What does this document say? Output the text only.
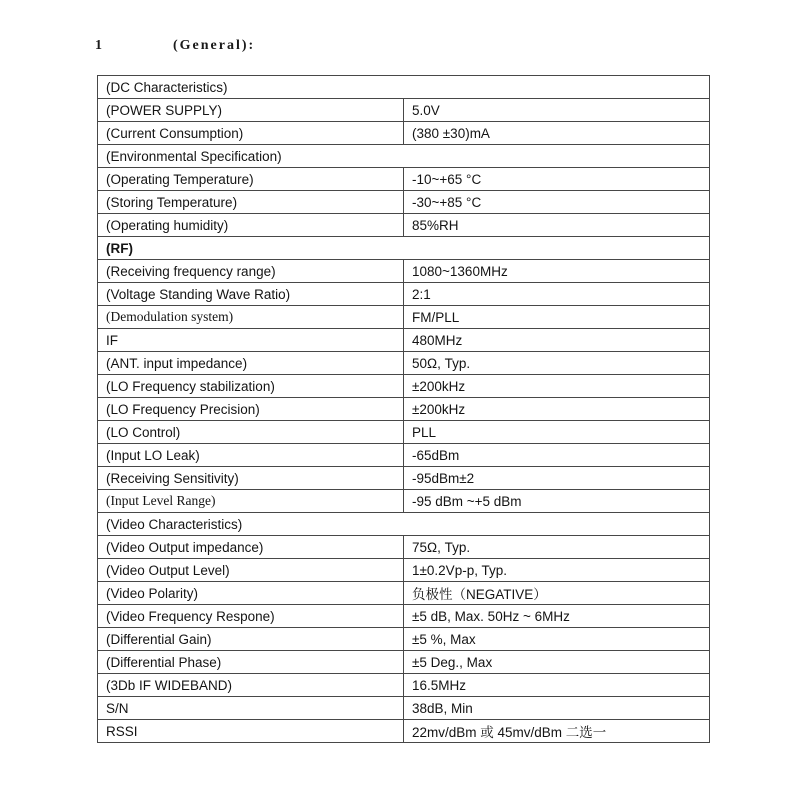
1	(General):
(DC Characteristics)	
(POWER SUPPLY)	5.0V
(Current Consumption)	(380 ±30)mA
(Environmental Specification)	
(Operating Temperature)	-10~+65 °C
(Storing Temperature)	-30~+85 °C
(Operating humidity)	85%RH
(RF)	
(Receiving frequency range)	1080~1360MHz
(Voltage Standing Wave Ratio)	2:1
(Demodulation system)	FM/PLL
IF	480MHz
(ANT. input impedance)	50Ω, Typ.
(LO Frequency stabilization)	±200kHz
(LO Frequency Precision)	±200kHz
(LO Control)	PLL
(Input LO Leak)	-65dBm
(Receiving Sensitivity)	-95dBm±2
(Input Level Range)	-95 dBm ~+5 dBm
(Video Characteristics)	
(Video Output impedance)	75Ω, Typ.
(Video Output Level)	1±0.2Vp-p, Typ.
(Video Polarity)	负极性（NEGATIVE）
(Video Frequency Respone)	±5 dB, Max. 50Hz ~ 6MHz
(Differential Gain)	±5 %, Max
(Differential Phase)	±5 Deg., Max
(3Db IF WIDEBAND)	16.5MHz
S/N	38dB, Min
RSSI	22mv/dBm 或 45mv/dBm 二选一
